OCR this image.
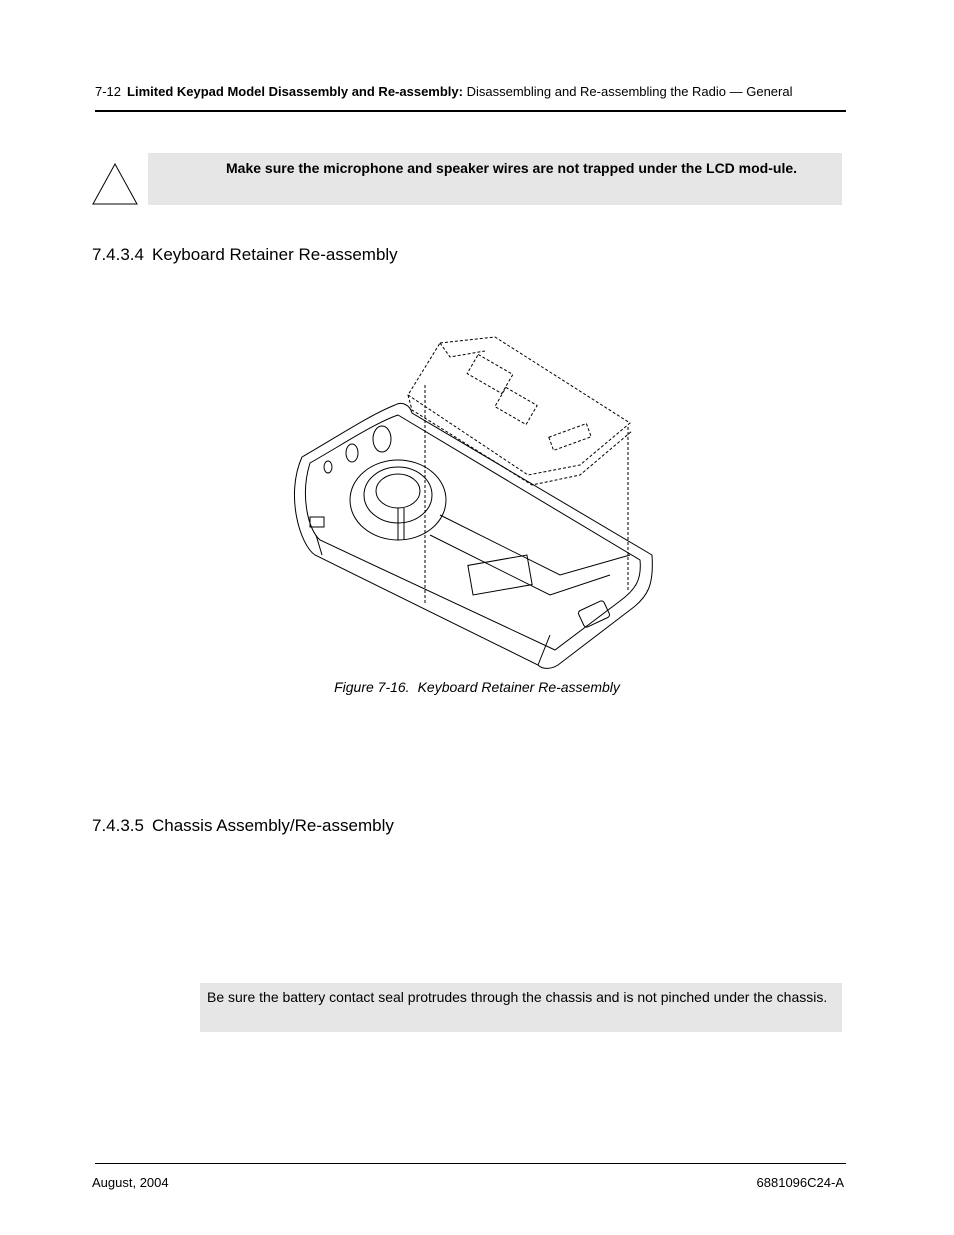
7-12 Limited Keypad Model Disassembly and Re-assembly: Disassembling and Re-assembling the Radio — General
Make sure the microphone and speaker wires are not trapped under the LCD mod-ule.
7.4.3.4 Keyboard Retainer Re-assembly
Figure 7-16. Keyboard Retainer Re-assembly
7.4.3.5 Chassis Assembly/Re-assembly
Be sure the battery contact seal protrudes through the chassis and is not pinched under the chassis.
August, 2004	6881096C24-A
